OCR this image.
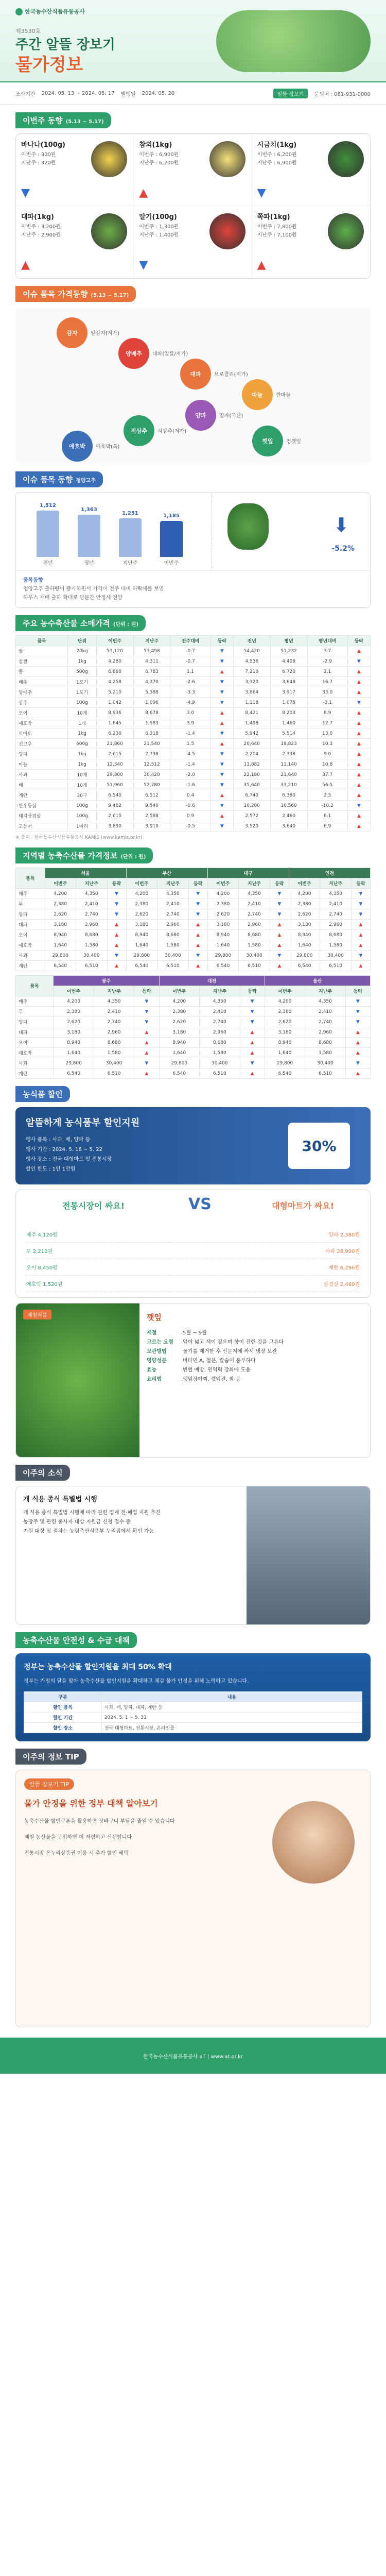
한국농수산식품유통공사
제3530호
주간 알뜰 장보기
물가정보
조사기간 2024. 05. 13 ~ 2024. 05. 17 발행일 2024. 05. 20	알뜰 장보기	문의처 : 061-931-0000
이번주 동향 (5.13 ~ 5.17)
바나나(100g)
이번주 : 300원
지난주 : 320원
▼
참외(1kg)
이번주 : 6,900원
지난주 : 6,200원
▲
시금치(1kg)
이번주 : 6,200원
지난주 : 6,900원
▼
대파(1kg)
이번주 : 3,200원
지난주 : 2,900원
▲
딸기(100g)
이번주 : 1,300원
지난주 : 1,400원
▼
쪽파(1kg)
이번주 : 7,800원
지난주 : 7,100원
▲
이슈 품목 가격동향 (5.13 ~ 5.17)
감자	알감자(저가)
양배추	대파(알뜰/저가)
대파	브로콜리(저가)
마늘	깐마늘
양파	양파(국산)
적상추	적상추(저가)
애호박	애호박(특)
깻잎	청깻잎
이슈 품목 동향 청양고추
1,512
전년
1,363
평년
1,251
지난주
1,185
이번주
⬇
-5.2%
품목동향
청양고추 출하량이 증가하면서 가격이 전주 대비 하락세를 보임
하우스 재배 출하 확대로 당분간 안정세 전망
주요 농수축산물 소매가격 (단위 : 원)
품목	단위	이번주	지난주	전주대비	등락	전년	평년	평년대비	등락
쌀	20kg	53,120	53,498	-0.7	▼	54,420	51,232	3.7	▲
찹쌀	1kg	4,280	4,311	-0.7	▼	4,536	4,408	-2.9	▼
콩	500g	6,860	6,783	1.1	▲	7,210	6,720	2.1	▲
배추	1포기	4,258	4,370	-2.6	▼	3,320	3,648	16.7	▲
양배추	1포기	5,210	5,388	-3.3	▼	3,864	3,917	33.0	▲
상추	100g	1,042	1,096	-4.9	▼	1,118	1,075	-3.1	▼
오이	10개	8,936	8,678	3.0	▲	8,421	8,203	8.9	▲
애호박	1개	1,645	1,583	3.9	▲	1,498	1,460	12.7	▲
토마토	1kg	6,230	6,318	-1.4	▼	5,942	5,514	13.0	▲
건고추	600g	21,860	21,540	1.5	▲	20,640	19,823	10.3	▲
양파	1kg	2,615	2,738	-4.5	▼	2,204	2,398	9.0	▲
마늘	1kg	12,340	12,512	-1.4	▼	11,882	11,140	10.8	▲
사과	10개	29,800	30,420	-2.0	▼	22,180	21,640	37.7	▲
배	10개	51,960	52,780	-1.6	▼	35,640	33,210	56.5	▲
계란	30구	6,540	6,512	0.4	▲	6,740	6,380	2.5	▲
한우등심	100g	9,482	9,540	-0.6	▼	10,280	10,560	-10.2	▼
돼지삼겹살	100g	2,610	2,588	0.9	▲	2,572	2,460	6.1	▲
고등어	1마리	3,890	3,910	-0.5	▼	3,520	3,640	6.9	▲
※ 출처 : 한국농수산식품유통공사 KAMIS (www.kamis.or.kr)
지역별 농축수산물 가격정보 (단위 : 원)
품목	서울			부산			대구			인천		
	이번주	지난주	등락	이번주	지난주	등락	이번주	지난주	등락	이번주	지난주	등락
배추	4,200	4,350	▼	4,200	4,350	▼	4,200	4,350	▼	4,200	4,350	▼
무	2,380	2,410	▼	2,380	2,410	▼	2,380	2,410	▼	2,380	2,410	▼
양파	2,620	2,740	▼	2,620	2,740	▼	2,620	2,740	▼	2,620	2,740	▼
대파	3,180	2,960	▲	3,180	2,960	▲	3,180	2,960	▲	3,180	2,960	▲
오이	8,940	8,680	▲	8,940	8,680	▲	8,940	8,680	▲	8,940	8,680	▲
애호박	1,640	1,580	▲	1,640	1,580	▲	1,640	1,580	▲	1,640	1,580	▲
사과	29,800	30,400	▼	29,800	30,400	▼	29,800	30,400	▼	29,800	30,400	▼
계란	6,540	6,510	▲	6,540	6,510	▲	6,540	6,510	▲	6,540	6,510	▲
품목	광주			대전			울산		
	이번주	지난주	등락	이번주	지난주	등락	이번주	지난주	등락
배추	4,200	4,350	▼	4,200	4,350	▼	4,200	4,350	▼
무	2,380	2,410	▼	2,380	2,410	▼	2,380	2,410	▼
양파	2,620	2,740	▼	2,620	2,740	▼	2,620	2,740	▼
대파	3,180	2,960	▲	3,180	2,960	▲	3,180	2,960	▲
오이	8,940	8,680	▲	8,940	8,680	▲	8,940	8,680	▲
애호박	1,640	1,580	▲	1,640	1,580	▲	1,640	1,580	▲
사과	29,800	30,400	▼	29,800	30,400	▼	29,800	30,400	▼
계란	6,540	6,510	▲	6,540	6,510	▲	6,540	6,510	▲
농식품 할인
알뜰하게 농식품부 할인지원
행사 품목 : 사과, 배, 양파 등
행사 기간 : 2024. 5. 16 ~ 5. 22
행사 장소 : 전국 대형마트 및 전통시장
할인 한도 : 1인 1만원
30%
전통시장이 싸요!	VS	대형마트가 싸요!
배추 4,120원	양파 2,380원
무 2,210원	사과 28,900원
오이 8,450원	계란 6,290원
애호박 1,520원	삼겹살 2,480원
제철식품	깻잎
제철	5월 ~ 9월
고르는 요령 잎이 넓고 색이 짙으며 향이 진한 것을 고른다
보관방법	물기를 제거한 후 신문지에 싸서 냉장 보관
영양성분	비타민 A, 철분, 칼슘이 풍부하다
효능	빈혈 예방, 면역력 강화에 도움
요리법	깻잎장아찌, 깻잎전, 쌈 등
이주의 소식
개 식용 종식 특별법 시행
개 식용 종식 특별법 시행에 따라 관련 업계 전·폐업 지원 추진
농장주 및 관련 종사자 대상 지원금 신청 접수 중
지원 대상 및 절차는 농림축산식품부 누리집에서 확인 가능
농축수산물 안전성 & 수급 대책
정부는 농축수산물 할인지원을 최대 50% 확대
정부는 가정의 달을 맞아 농축수산물 할인지원을 확대하고 체감 물가 안정을 위해 노력하고 있습니다.
구분	내용
할인 품목	사과, 배, 양파, 대파, 계란 등
할인 기간	2024. 5. 1 ~ 5. 31
할인 장소	전국 대형마트, 전통시장, 온라인몰
이주의 정보 TIP
알뜰 장보기 TIP
물가 안정을 위한 정부 대책 알아보기
농축수산물 할인쿠폰을 활용하면 장바구니 부담을 줄일 수 있습니다
제철 농산물을 구입하면 더 저렴하고 신선합니다
전통시장 온누리상품권 이용 시 추가 할인 혜택
한국농수산식품유통공사 aT | www.at.or.kr
